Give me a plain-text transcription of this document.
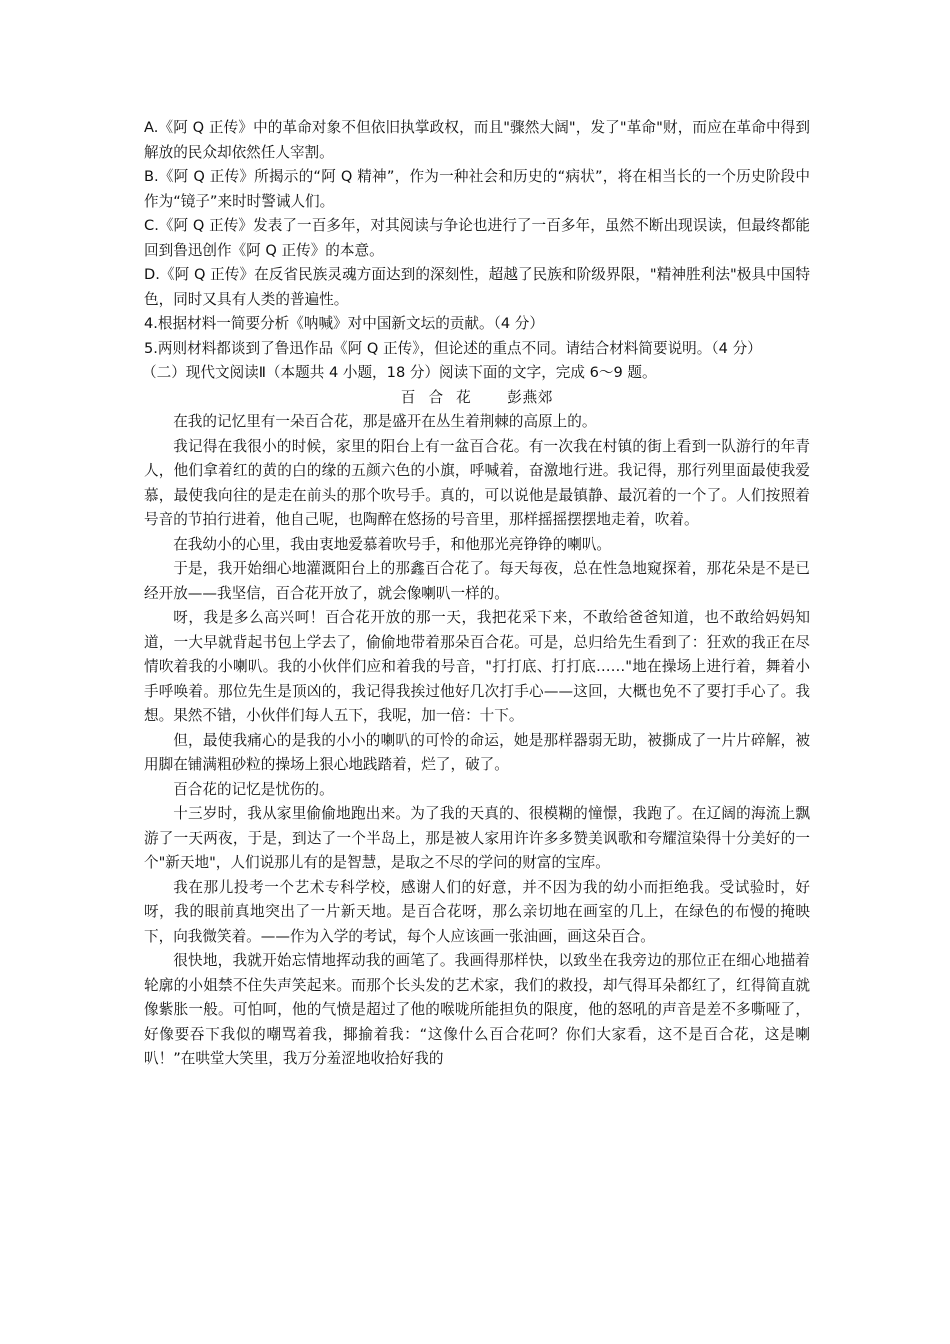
A.《阿 Q 正传》中的革命对象不但依旧执掌政权，而且"骤然大阔"，发了"革命"财，而应在革命中得到解放的民众却依然任人宰割。

B.《阿 Q 正传》所揭示的“阿 Q 精神”，作为一种社会和历史的“病状”，将在相当长的一个历史阶段中作为“镜子”来时时警诫人们。

C.《阿 Q 正传》发表了一百多年，对其阅读与争论也进行了一百多年，虽然不断出现误读，但最终都能回到鲁迅创作《阿 Q 正传》的本意。

D.《阿 Q 正传》在反省民族灵魂方面达到的深刻性，超越了民族和阶级界限，"精神胜利法"极具中国特色，同时又具有人类的普遍性。

4.根据材料一简要分析《呐喊》对中国新文坛的贡献。（4 分）

5.两则材料都谈到了鲁迅作品《阿 Q 正传》，但论述的重点不同。请结合材料简要说明。（4 分）

（二）现代文阅读Ⅱ（本题共 4 小题，18 分）阅读下面的文字，完成 6～9 题。

百合花 彭燕郊

在我的记忆里有一朵百合花，那是盛开在丛生着荆棘的高原上的。

我记得在我很小的时候，家里的阳台上有一盆百合花。有一次我在村镇的街上看到一队游行的年青人，他们拿着红的黄的白的缘的五颜六色的小旗，呼喊着，奋激地行进。我记得，那行列里面最使我爱慕，最使我向往的是走在前头的那个吹号手。真的，可以说他是最镇静、最沉着的一个了。人们按照着号音的节拍行进着，他自己呢，也陶醉在悠扬的号音里，那样摇摇摆摆地走着，吹着。

在我幼小的心里，我由衷地爱慕着吹号手，和他那光亮铮铮的喇叭。

于是，我开始细心地灌溉阳台上的那鑫百合花了。每天每夜，总在性急地窥探着，那花朵是不是已经开放——我坚信，百合花开放了，就会像喇叭一样的。

呀，我是多么高兴呵！百合花开放的那一天，我把花采下来，不敢给爸爸知道，也不敢给妈妈知道，一大早就背起书包上学去了，偷偷地带着那朵百合花。可是，总归给先生看到了：狂欢的我正在尽情吹着我的小喇叭。我的小伙伴们应和着我的号音，"打打底、打打底……"地在操场上进行着，舞着小手呼唤着。那位先生是顶凶的，我记得我挨过他好几次打手心——这回，大概也免不了要打手心了。我想。果然不错，小伙伴们每人五下，我呢，加一倍：十下。

但，最使我痛心的是我的小小的喇叭的可怜的命运，她是那样器弱无助，被撕成了一片片碎解，被用脚在铺满粗砂粒的操场上狠心地践踏着，烂了，破了。

百合花的记忆是忧伤的。

十三岁时，我从家里偷偷地跑出来。为了我的天真的、很模糊的憧憬，我跑了。在辽阔的海流上飘游了一天两夜，于是，到达了一个半岛上，那是被人家用许许多多赞美讽歌和夸耀渲染得十分美好的一个"新天地"，人们说那儿有的是智慧，是取之不尽的学问的财富的宝库。

我在那儿投考一个艺术专科学校，感谢人们的好意，并不因为我的幼小而拒绝我。受试验时，好呀，我的眼前真地突出了一片新天地。是百合花呀，那么亲切地在画室的几上，在绿色的布慢的掩映下，向我微笑着。——作为入学的考试，每个人应该画一张油画，画这朵百合。

很快地，我就开始忘情地挥动我的画笔了。我画得那样快，以致坐在我旁边的那位正在细心地描着轮廓的小姐禁不住失声笑起来。而那个长头发的艺术家，我们的救投，却气得耳朵都红了，红得简直就像紫胀一般。可怕呵，他的气愤是超过了他的喉咙所能担负的限度，他的怒吼的声音是差不多嘶哑了，好像要吞下我似的嘲骂着我，揶揄着我：“这像什么百合花呵？你们大家看，这不是百合花，这是喇叭！”在哄堂大笑里，我万分羞涩地收拾好我的
